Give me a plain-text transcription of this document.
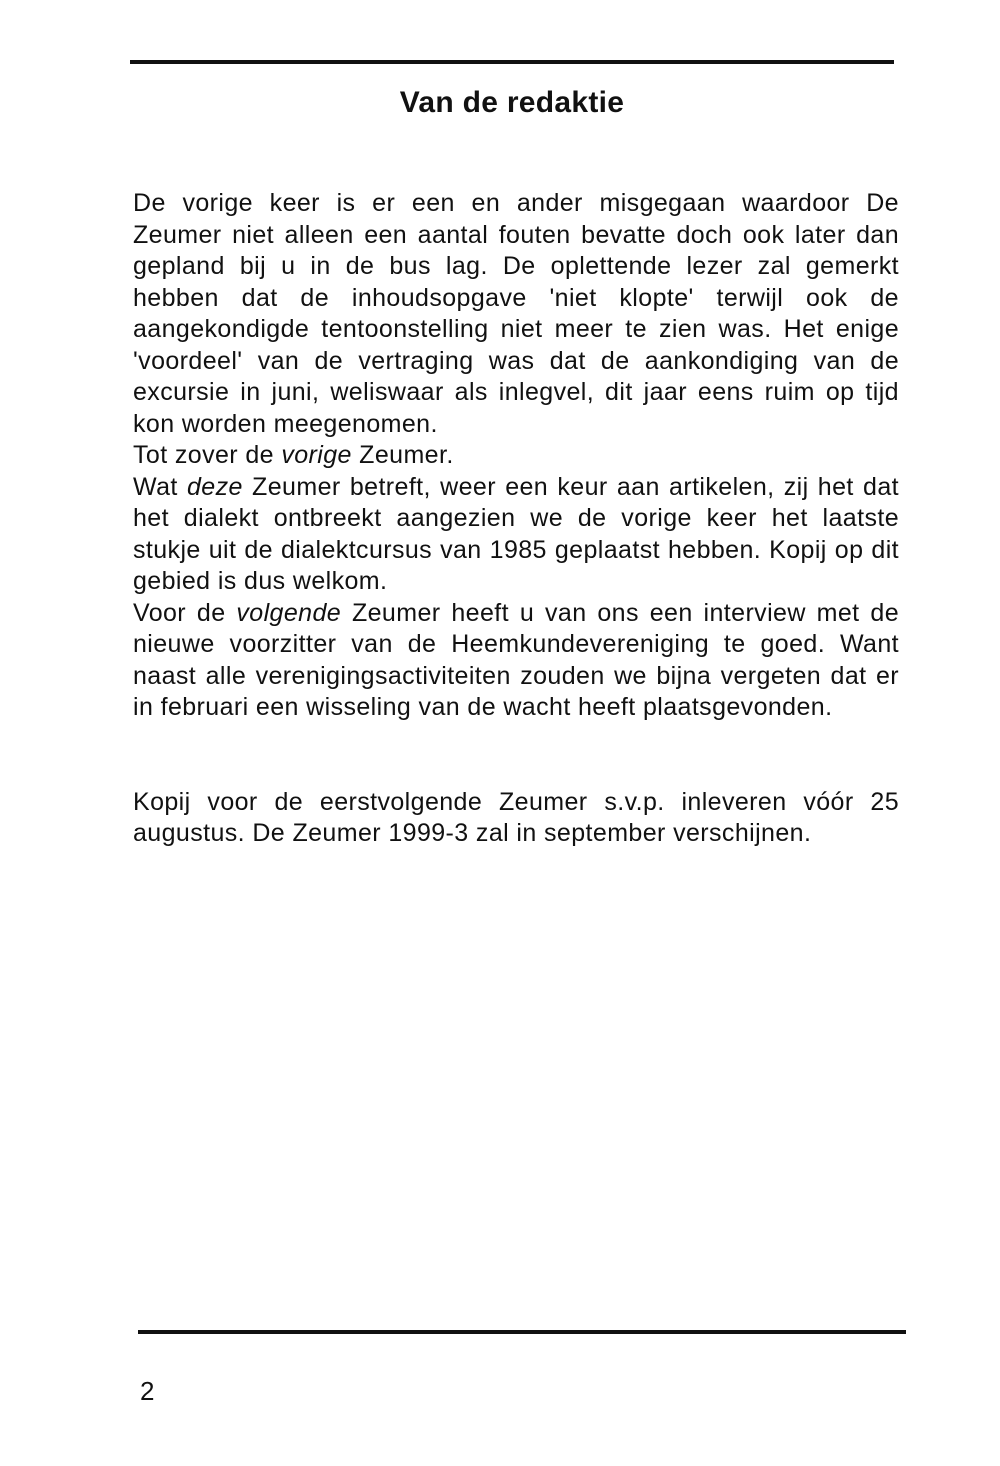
Van de redaktie

De vorige keer is er een en ander misgegaan waardoor De Zeumer niet alleen een aantal fouten bevatte doch ook later dan gepland bij u in de bus lag. De oplettende lezer zal gemerkt hebben dat de inhoudsopgave 'niet klopte' terwijl ook de aangekondigde tentoonstelling niet meer te zien was. Het enige 'voordeel' van de vertraging was dat de aankondiging van de excursie in juni, weliswaar als inlegvel, dit jaar eens ruim op tijd kon worden meegenomen.

Tot zover de vorige Zeumer.

Wat deze Zeumer betreft, weer een keur aan artikelen, zij het dat het dialekt ontbreekt aangezien we de vorige keer het laatste stukje uit de dialektcursus van 1985 geplaatst hebben. Kopij op dit gebied is dus welkom.

Voor de volgende Zeumer heeft u van ons een interview met de nieuwe voorzitter van de Heemkundevereniging te goed. Want naast alle verenigingsactiviteiten zouden we bijna vergeten dat er in februari een wisseling van de wacht heeft plaatsgevonden.

Kopij voor de eerstvolgende Zeumer s.v.p. inleveren vóór 25 augustus. De Zeumer 1999-3 zal in september verschijnen.

2
